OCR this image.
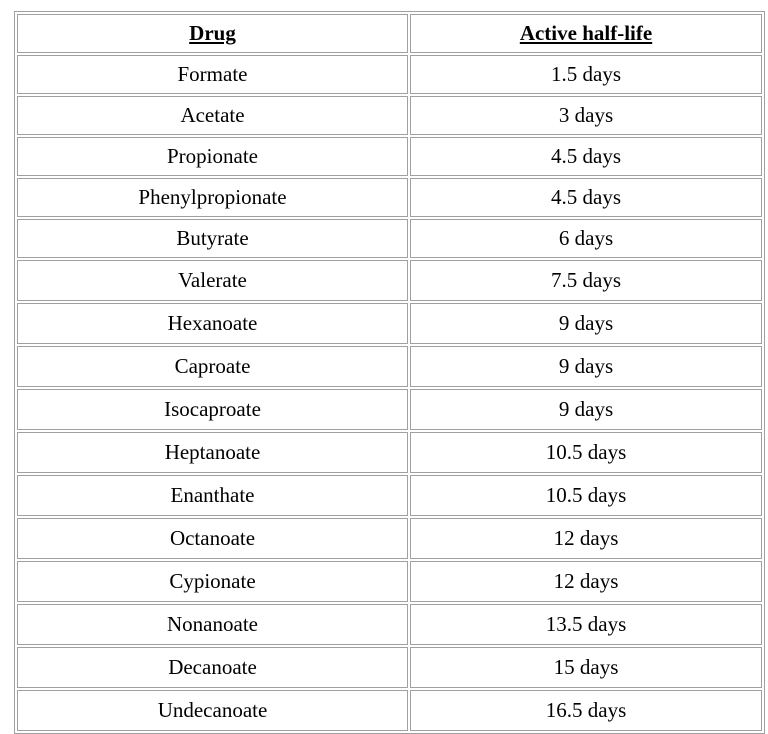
Drug	Active half-life
Formate	1.5 days
Acetate	3 days
Propionate	4.5 days
Phenylpropionate	4.5 days
Butyrate	6 days
Valerate	7.5 days
Hexanoate	9 days
Caproate	9 days
Isocaproate	9 days
Heptanoate	10.5 days
Enanthate	10.5 days
Octanoate	12 days
Cypionate	12 days
Nonanoate	13.5 days
Decanoate	15 days
Undecanoate	16.5 days
